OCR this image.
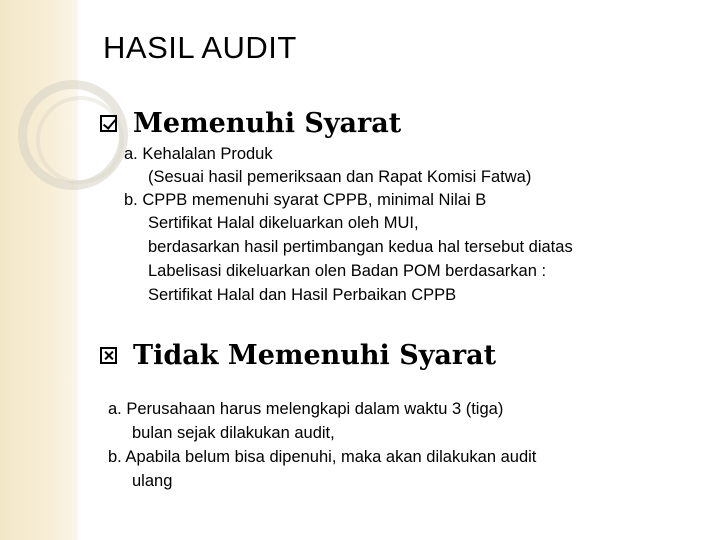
HASIL AUDIT
Memenuhi Syarat
a. Kehalalan Produk
(Sesuai hasil pemeriksaan dan Rapat Komisi Fatwa)
b. CPPB memenuhi syarat CPPB, minimal Nilai B
Sertifikat Halal dikeluarkan oleh MUI,
berdasarkan hasil pertimbangan kedua hal tersebut diatas
Labelisasi dikeluarkan olen Badan POM berdasarkan :
Sertifikat Halal dan Hasil Perbaikan CPPB
Tidak Memenuhi Syarat
a. Perusahaan harus melengkapi dalam waktu 3 (tiga)
bulan sejak dilakukan audit,
b. Apabila belum bisa dipenuhi, maka akan dilakukan audit
ulang
